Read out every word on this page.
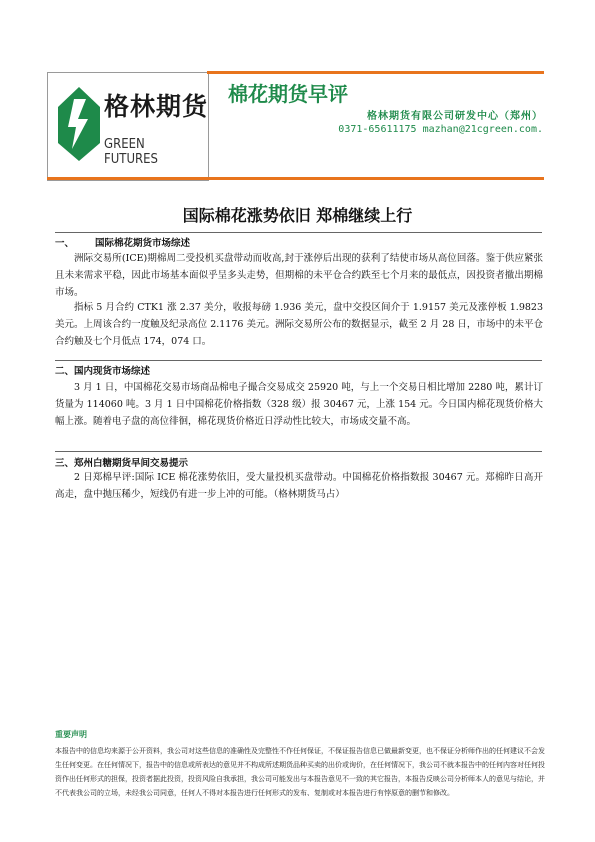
格林期货
GREEN FUTURES
棉花期货早评
格林期货有限公司研发中心（郑州）
0371-65611175 mazhan@21cgreen.com.
国际棉花涨势依旧 郑棉继续上行
一、 国际棉花期货市场综述
洲际交易所(ICE)期棉周二受投机买盘带动而收高,封于涨停后出现的获利了结使市场从高位回落。鉴于供应紧张且未来需求平稳，因此市场基本面似乎呈多头走势，但期棉的未平仓合约跌至七个月来的最低点，因投资者撤出期棉市场。
指标 5 月合约 CTK1 涨 2.37 美分，收报每磅 1.936 美元，盘中交投区间介于 1.9157 美元及涨停板 1.9823 美元。上周该合约一度触及纪录高位 2.1176 美元。洲际交易所公布的数据显示，截至 2 月 28 日，市场中的未平仓合约触及七个月低点 174，074 口。
二、国内现货市场综述
3 月 1 日，中国棉花交易市场商品棉电子撮合交易成交 25920 吨，与上一个交易日相比增加 2280 吨，累计订货量为 114060 吨。3 月 1 日中国棉花价格指数（328 级）报 30467 元，上涨 154 元。今日国内棉花现货价格大幅上涨。随着电子盘的高位徘徊，棉花现货价格近日浮动性比较大，市场成交量不高。
三、郑州白糖期货早间交易提示
2 日郑棉早评:国际 ICE 棉花涨势依旧，受大量投机买盘带动。中国棉花价格指数报 30467 元。郑棉昨日高开高走，盘中抛压稀少，短线仍有进一步上冲的可能。（格林期货马占）
重要声明
本报告中的信息均来源于公开资料，我公司对这些信息的准确性及完整性不作任何保证，不保证报告信息已做最新变更，也不保证分析师作出的任何建议不会发生任何变更。在任何情况下，报告中的信息或所表达的意见并不构成所述期货品种买卖的出价或询价，在任何情况下，我公司不就本报告中的任何内容对任何投资作出任何形式的担保，投资者据此投资，投资风险自我承担，我公司可能发出与本报告意见不一致的其它报告，本报告反映公司分析师本人的意见与结论，并不代表我公司的立场，未经我公司同意，任何人不得对本报告进行任何形式的发布、复制或对本报告进行有悖原意的删节和修改。
